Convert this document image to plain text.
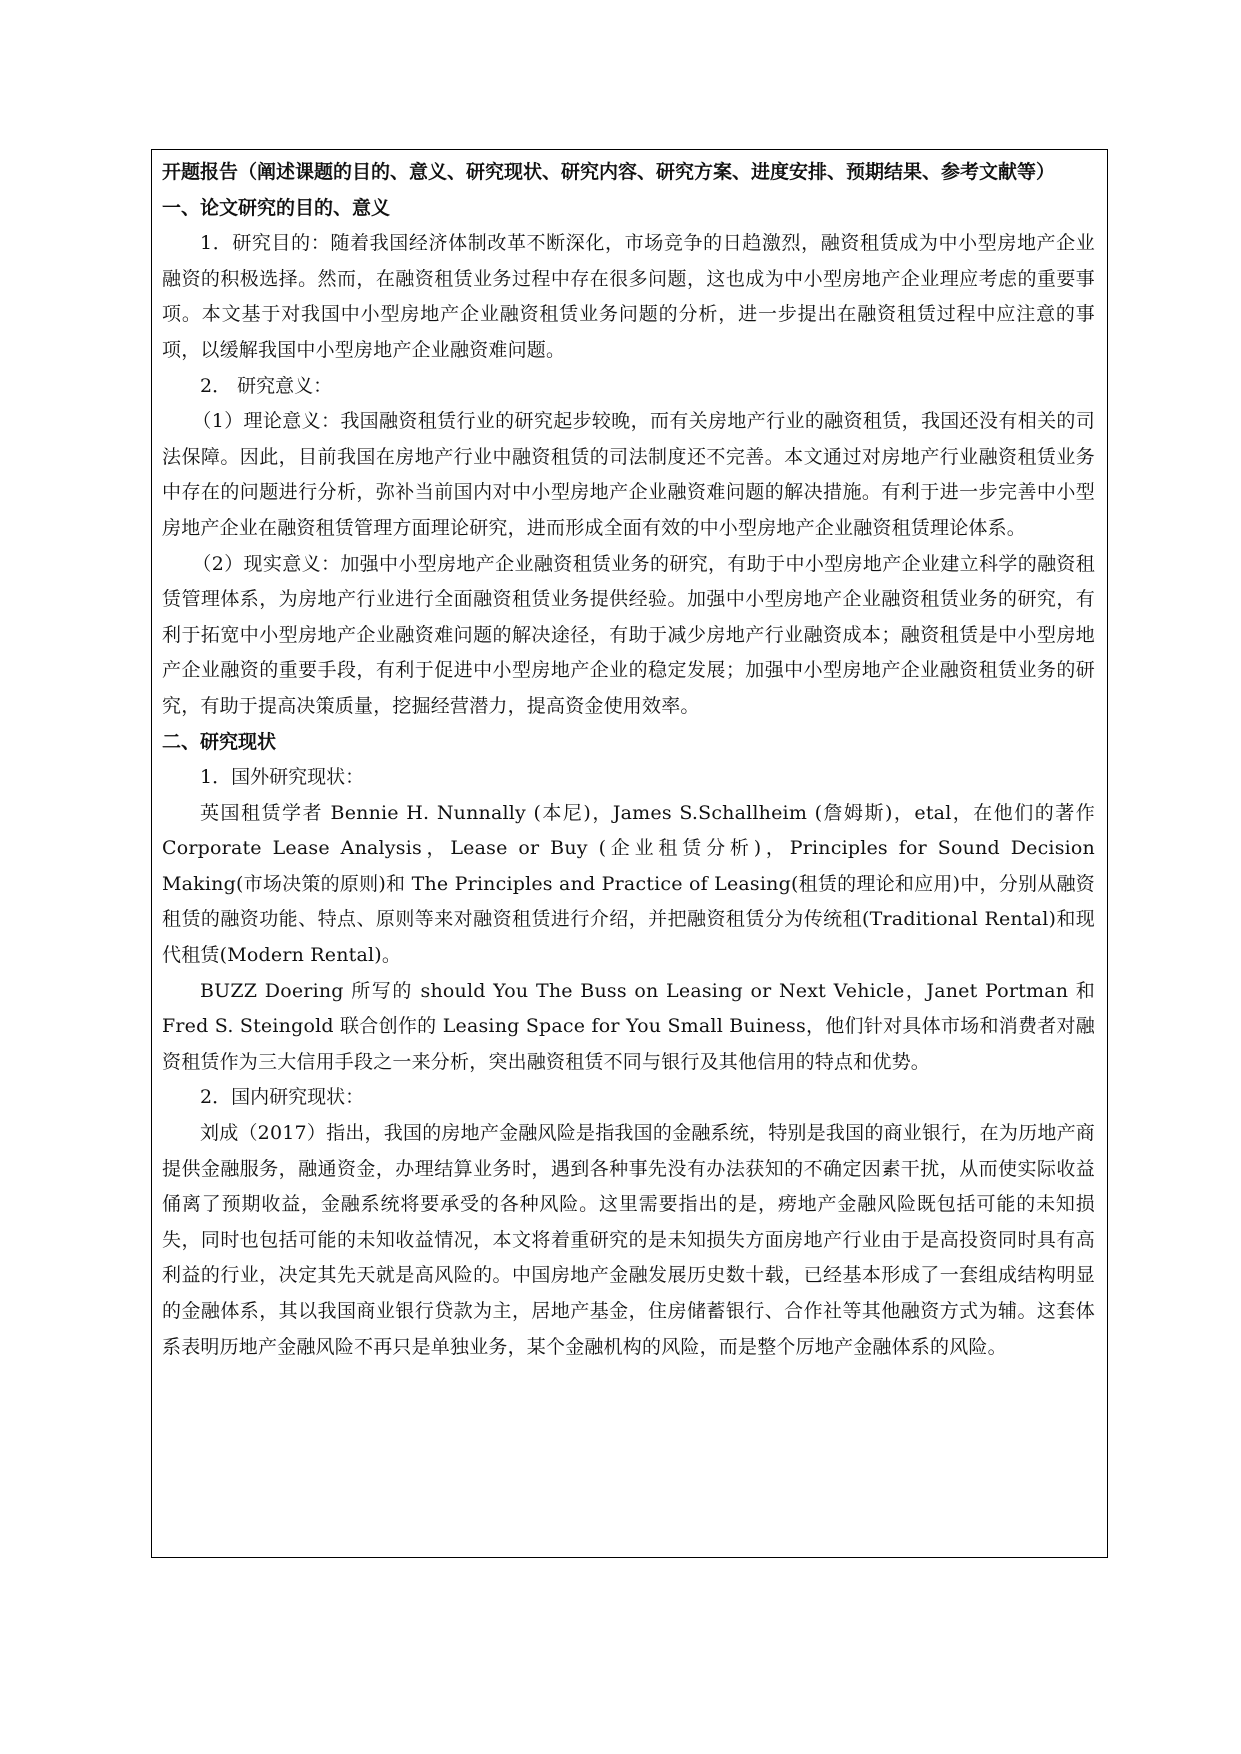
开题报告（阐述课题的目的、意义、研究现状、研究内容、研究方案、进度安排、预期结果、参考文献等）

一、论文研究的目的、意义

1．研究目的：随着我国经济体制改革不断深化，市场竞争的日趋激烈，融资租赁成为中小型房地产企业融资的积极选择。然而，在融资租赁业务过程中存在很多问题，这也成为中小型房地产企业理应考虑的重要事项。本文基于对我国中小型房地产企业融资租赁业务问题的分析，进一步提出在融资租赁过程中应注意的事项，以缓解我国中小型房地产企业融资难问题。

2． 研究意义：

（1）理论意义：我国融资租赁行业的研究起步较晚，而有关房地产行业的融资租赁，我国还没有相关的司法保障。因此，目前我国在房地产行业中融资租赁的司法制度还不完善。本文通过对房地产行业融资租赁业务中存在的问题进行分析，弥补当前国内对中小型房地产企业融资难问题的解决措施。有利于进一步完善中小型房地产企业在融资租赁管理方面理论研究，进而形成全面有效的中小型房地产企业融资租赁理论体系。

（2）现实意义：加强中小型房地产企业融资租赁业务的研究，有助于中小型房地产企业建立科学的融资租赁管理体系，为房地产行业进行全面融资租赁业务提供经验。加强中小型房地产企业融资租赁业务的研究，有利于拓宽中小型房地产企业融资难问题的解决途径，有助于减少房地产行业融资成本；融资租赁是中小型房地产企业融资的重要手段，有利于促进中小型房地产企业的稳定发展；加强中小型房地产企业融资租赁业务的研究，有助于提高决策质量，挖掘经营潜力，提高资金使用效率。

二、研究现状

1．国外研究现状：

英国租赁学者 Bennie H. Nunnally (本尼)，James S.Schallheim (詹姆斯)，etal，在他们的著作 Corporate Lease Analysis，Lease or Buy (企业租赁分析)，Principles for Sound Decision Making(市场决策的原则)和 The Principles and Practice of Leasing(租赁的理论和应用)中，分别从融资租赁的融资功能、特点、原则等来对融资租赁进行介绍，并把融资租赁分为传统租(Traditional Rental)和现代租赁(Modern Rental)。

BUZZ Doering 所写的 should You The Buss on Leasing or Next Vehicle，Janet Portman 和 Fred S. Steingold 联合创作的 Leasing Space for You Small Buiness，他们针对具体市场和消费者对融资租赁作为三大信用手段之一来分析，突出融资租赁不同与银行及其他信用的特点和优势。

2．国内研究现状：

刘成（2017）指出，我国的房地产金融风险是指我国的金融系统，特别是我国的商业银行，在为历地产商提供金融服务，融通资金，办理结算业务时，遇到各种事先没有办法获知的不确定因素干扰，从而使实际收益俑离了预期收益，金融系统将要承受的各种风险。这里需要指出的是，痨地产金融风险既包括可能的未知损失，同时也包括可能的未知收益情况，本文将着重研究的是未知损失方面房地产行业由于是高投资同时具有高利益的行业，决定其先天就是高风险的。中国房地产金融发展历史数十载，已经基本形成了一套组成结构明显的金融体系，其以我国商业银行贷款为主，居地产基金，住房储蓄银行、合作社等其他融资方式为辅。这套体系表明历地产金融风险不再只是单独业务，某个金融机构的风险，而是整个厉地产金融体系的风险。
